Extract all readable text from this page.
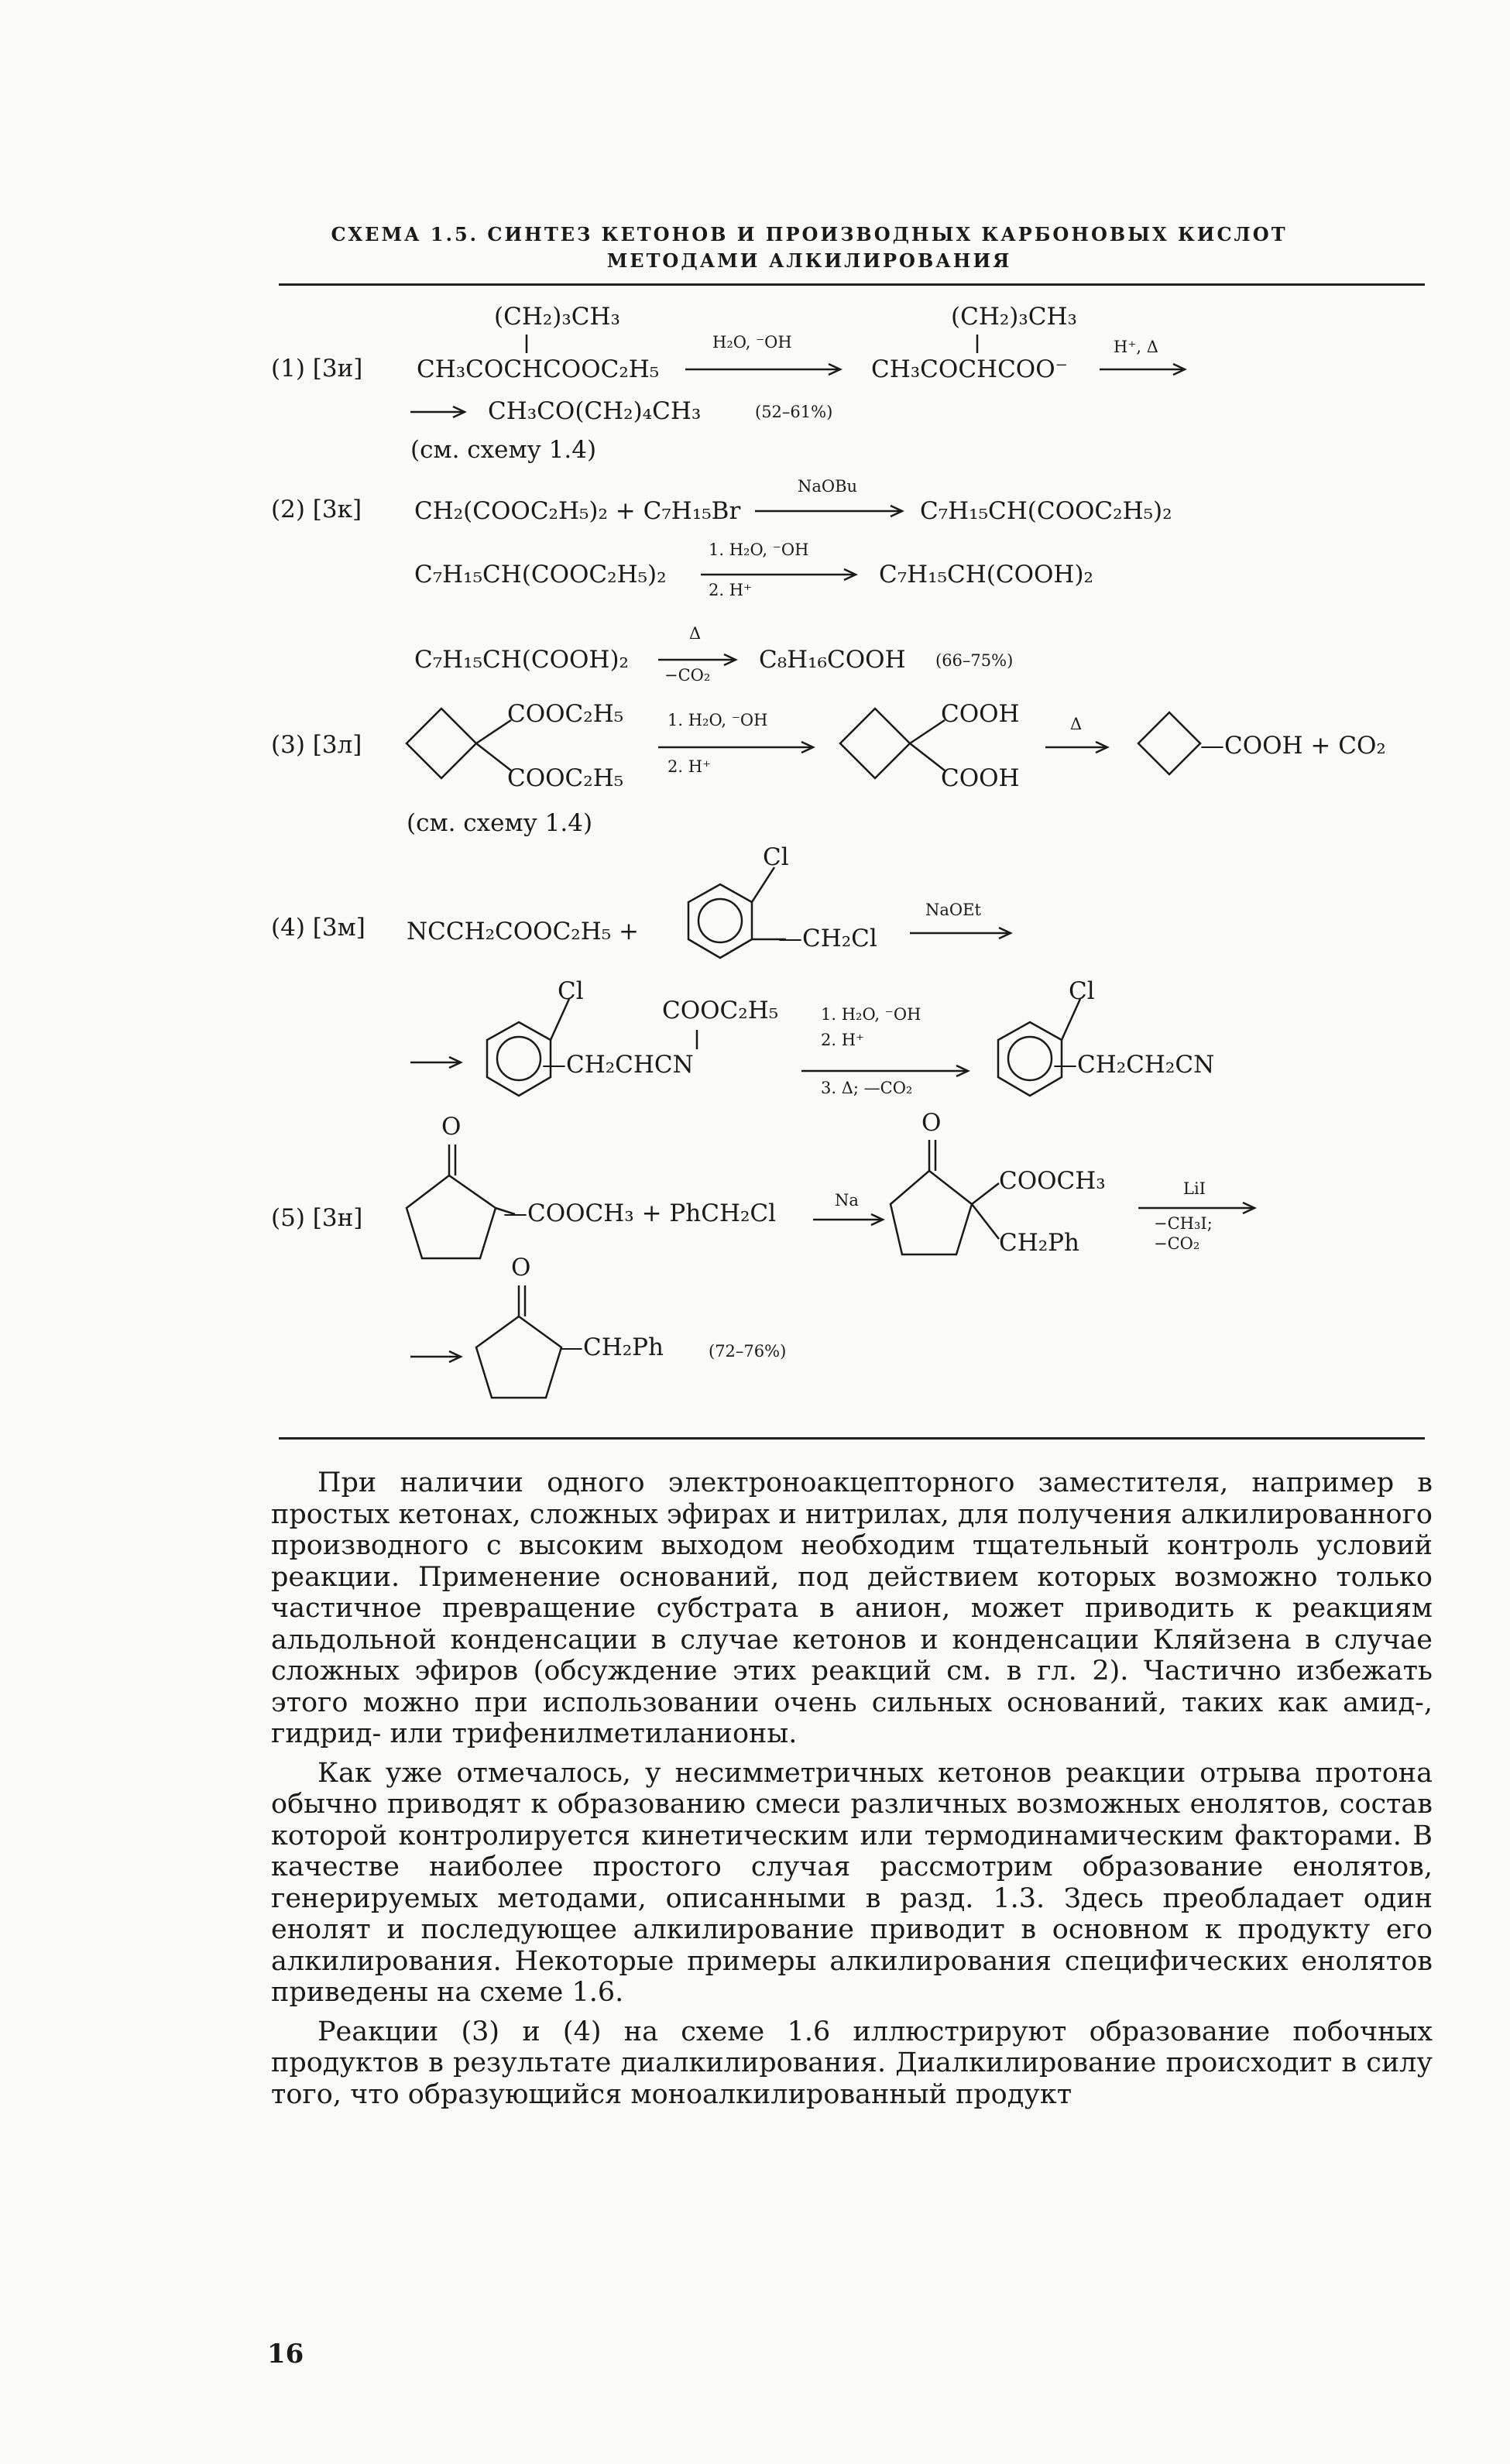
СХЕМА 1.5. СИНТЕЗ КЕТОНОВ И ПРОИЗВОДНЫХ КАРБОНОВЫХ КИСЛОТ
МЕТОДАМИ АЛКИЛИРОВАНИЯ
(1) [3и]
(CH₂)₃CH₃
CH₃COCHCOOC₂H₅
H₂O, ⁻OH
(CH₂)₃CH₃
CH₃COCHCOO⁻
H⁺, Δ
CH₃CO(CH₂)₄CH₃	(52–61%)
(см. схему 1.4)
(2) [3к] CH₂(COOC₂H₅)₂ + C₇H₁₅Br
NaOBu
C₇H₁₅CH(COOC₂H₅)₂
C₇H₁₅CH(COOC₂H₅)₂
1. H₂O, ⁻OH
2. H⁺
C₇H₁₅CH(COOH)₂
C₇H₁₅CH(COOH)₂
Δ
−CO₂
C₈H₁₆COOH (66–75%)
(3) [3л]
COOC₂H₅
COOC₂H₅
1. H₂O, ⁻OH
2. H⁺
COOH
COOH
Δ
—COOH + CO₂
(см. схему 1.4)
(4) [3м] NCCH₂COOC₂H₅ +
Cl
—CH₂Cl
NaOEt
Cl
COOC₂H₅
—CH₂CHCN
1. H₂O, ⁻OH
2. H⁺
3. Δ; —CO₂
Cl
—CH₂CH₂CN
(5) [3н]
O
—COOCH₃ + PhCH₂Cl	Na
O
COOCH₃
CH₂Ph
LiI
−CH₃I;
−CO₂
O
—CH₂Ph	(72–76%)

При наличии одного электроноакцепторного заместителя, например в простых кетонах, сложных эфирах и нитрилах, для получения алкилированного производного с высоким выходом необходим тщательный контроль условий реакции. Применение оснований, под действием которых возможно только частичное превращение субстрата в анион, может приводить к реакциям альдольной конденсации в случае кетонов и конденсации Кляйзена в случае сложных эфиров (обсуждение этих реакций см. в гл. 2). Частично избежать этого можно при использовании очень сильных оснований, таких как амид-, гидрид- или трифенилметиланионы.

Как уже отмечалось, у несимметричных кетонов реакции отрыва протона обычно приводят к образованию смеси различных возможных енолятов, состав которой контролируется кинетическим или термодинамическим факторами. В качестве наиболее простого случая рассмотрим образование енолятов, генерируемых методами, описанными в разд. 1.3. Здесь преобладает один енолят и последующее алкилирование приводит в основном к продукту его алкилирования. Некоторые примеры алкилирования специфических енолятов приведены на схеме 1.6.

Реакции (3) и (4) на схеме 1.6 иллюстрируют образование побочных продуктов в результате диалкилирования. Диалкилирование происходит в силу того, что образующийся моноалкилированный продукт

16
